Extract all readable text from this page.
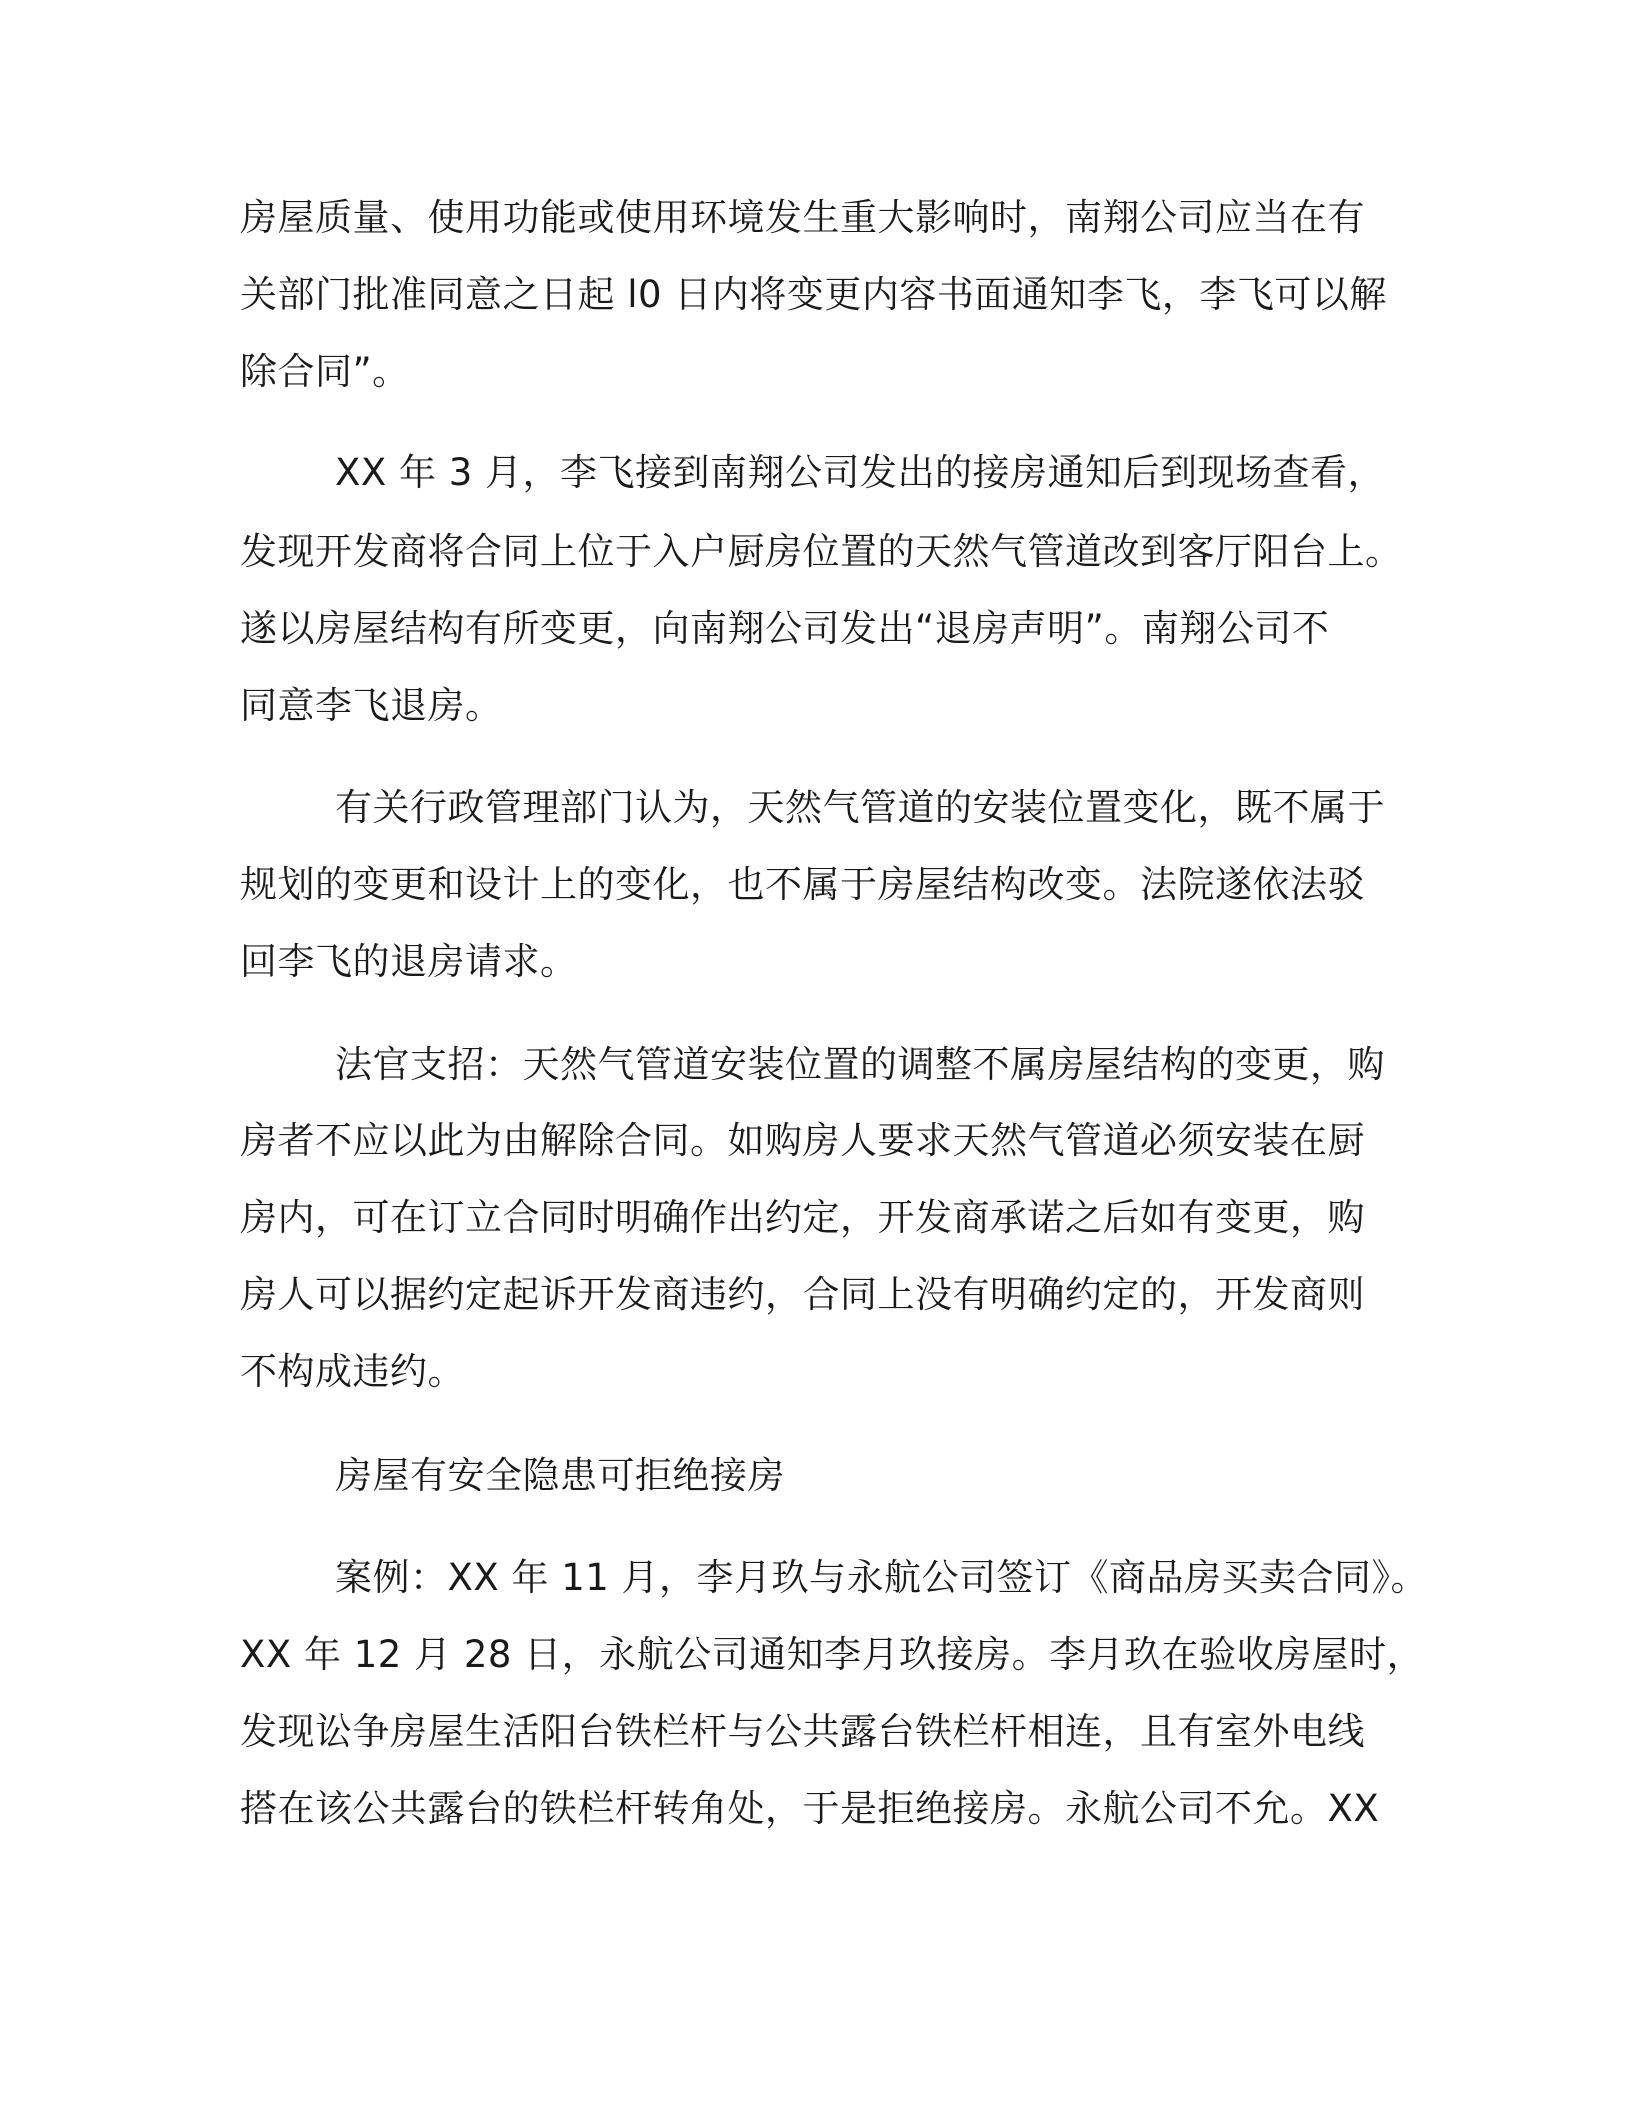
房屋质量、使用功能或使用环境发生重大影响时，南翔公司应当在有
关部门批准同意之日起 l0 日内将变更内容书面通知李飞，李飞可以解
除合同”。
XX 年 3 月，李飞接到南翔公司发出的接房通知后到现场查看，
发现开发商将合同上位于入户厨房位置的天然气管道改到客厅阳台上。
遂以房屋结构有所变更，向南翔公司发出“退房声明”。南翔公司不
同意李飞退房。
有关行政管理部门认为，天然气管道的安装位置变化，既不属于
规划的变更和设计上的变化，也不属于房屋结构改变。法院遂依法驳
回李飞的退房请求。
法官支招：天然气管道安装位置的调整不属房屋结构的变更，购
房者不应以此为由解除合同。如购房人要求天然气管道必须安装在厨
房内，可在订立合同时明确作出约定，开发商承诺之后如有变更，购
房人可以据约定起诉开发商违约，合同上没有明确约定的，开发商则
不构成违约。
房屋有安全隐患可拒绝接房
案例：XX 年 11 月，李月玖与永航公司签订《商品房买卖合同》。
XX 年 12 月 28 日，永航公司通知李月玖接房。李月玖在验收房屋时，
发现讼争房屋生活阳台铁栏杆与公共露台铁栏杆相连，且有室外电线
搭在该公共露台的铁栏杆转角处，于是拒绝接房。永航公司不允。XX
